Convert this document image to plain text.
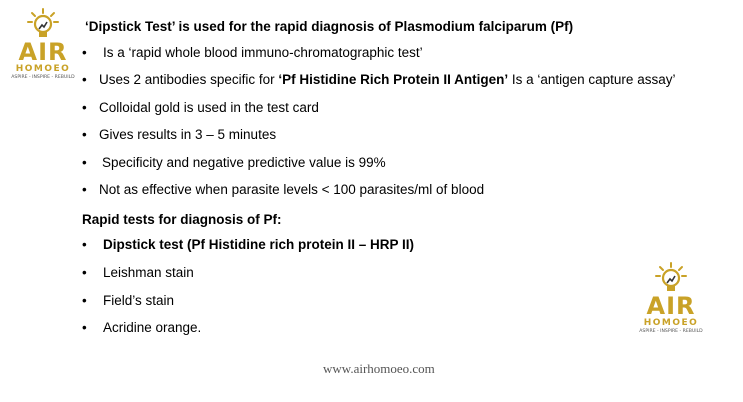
AIR
HOMOEO
ASPIRE - INSPIRE - REBUILD
‘Dipstick Test’ is used for the rapid diagnosis of Plasmodium falciparum (Pf)
•	Is a ‘rapid whole blood immuno-chromatographic test’
• Uses 2 antibodies specific for ‘Pf Histidine Rich Protein II Antigen’ Is a ‘antigen capture assay’
• Colloidal gold is used in the test card
• Gives results in 3 – 5 minutes
•	Specificity and negative predictive value is 99%
• Not as effective when parasite levels < 100 parasites/ml of blood
Rapid tests for diagnosis of Pf:
•	Dipstick test (Pf Histidine rich protein II – HRP II)
•	Leishman stain
•	Field’s stain
•	Acridine orange.
AIR
HOMOEO
ASPIRE - INSPIRE - REBUILD
www.airhomoeo.com
